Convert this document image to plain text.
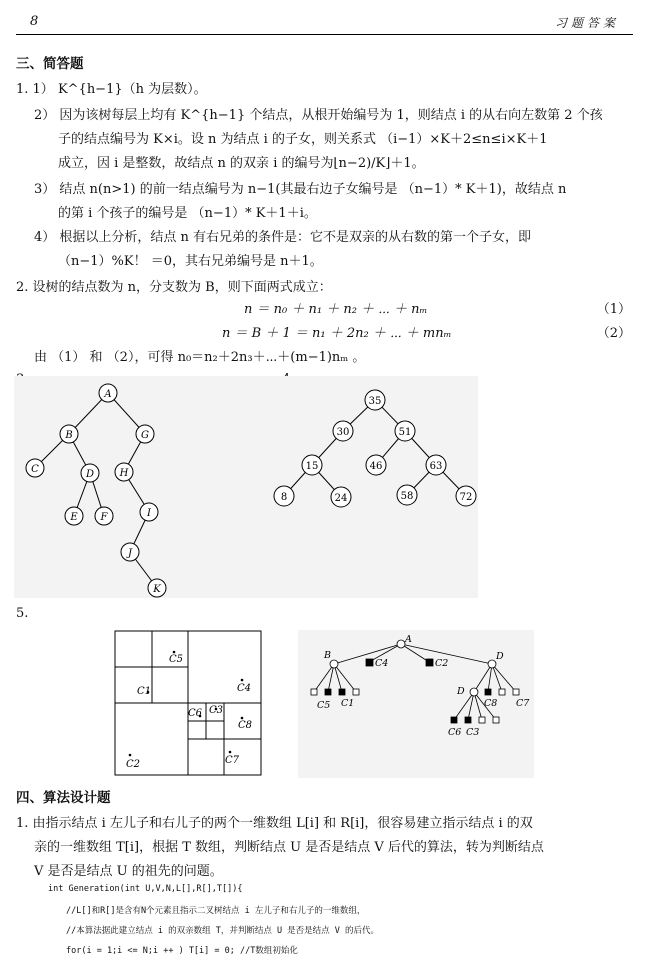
8	习题答案
三、简答题
1. 1） K^{h−1}（h 为层数）。
2） 因为该树每层上均有 K^{h−1} 个结点，从根开始编号为 1，则结点 i 的从右向左数第 2 个孩
子的结点编号为 K×i。设 n 为结点 i 的子女，则关系式 （i−1）×K＋2≤n≤i×K＋1
成立，因 i 是整数，故结点 n 的双亲 i 的编号为⌊n−2)/K⌋＋1。
3） 结点 n(n>1) 的前一结点编号为 n−1(其最右边子女编号是 （n−1）* K＋1)，故结点 n
的第 i 个孩子的编号是 （n−1）* K＋1＋i。
4） 根据以上分析，结点 n 有右兄弟的条件是：它不是双亲的从右数的第一个子女，即
（n−1）%K！ ＝0，其右兄弟编号是 n＋1。
2. 设树的结点数为 n，分支数为 B，则下面两式成立：
n ＝ n₀ ＋ n₁ ＋ n₂ ＋ ⋯ ＋ nₘ	（1）
n ＝ B ＋ 1 ＝ n₁ ＋ 2n₂ ＋ ⋯ ＋ mnₘ	（2）
由 （1） 和 （2），可得 n₀＝n₂＋2n₃＋⋯＋(m−1)nₘ 。
A
B	G
C	D	H
E F	I
J
K
35
30	51
15	46	63
8	24	58	72
5.
C5
C1	C4
C6 C3
C8
C2	C7
A
B	D
D
C4	C2
C5 C1	C8 C7
C6 C3
四、算法设计题
1. 由指示结点 i 左儿子和右儿子的两个一维数组 L[i] 和 R[i]，很容易建立指示结点 i 的双
亲的一维数组 T[i]，根据 T 数组，判断结点 U 是否是结点 V 后代的算法，转为判断结点
V 是否是结点 U 的祖先的问题。
int Generation(int U,V,N,L[],R[],T[]){
//L[]和R[]是含有N个元素且指示二叉树结点 i 左儿子和右儿子的一维数组，
//本算法据此建立结点 i 的双亲数组 T，并判断结点 U 是否是结点 V 的后代。
for(i = 1;i <= N;i ++ ) T[i] = 0; //T数组初始化
